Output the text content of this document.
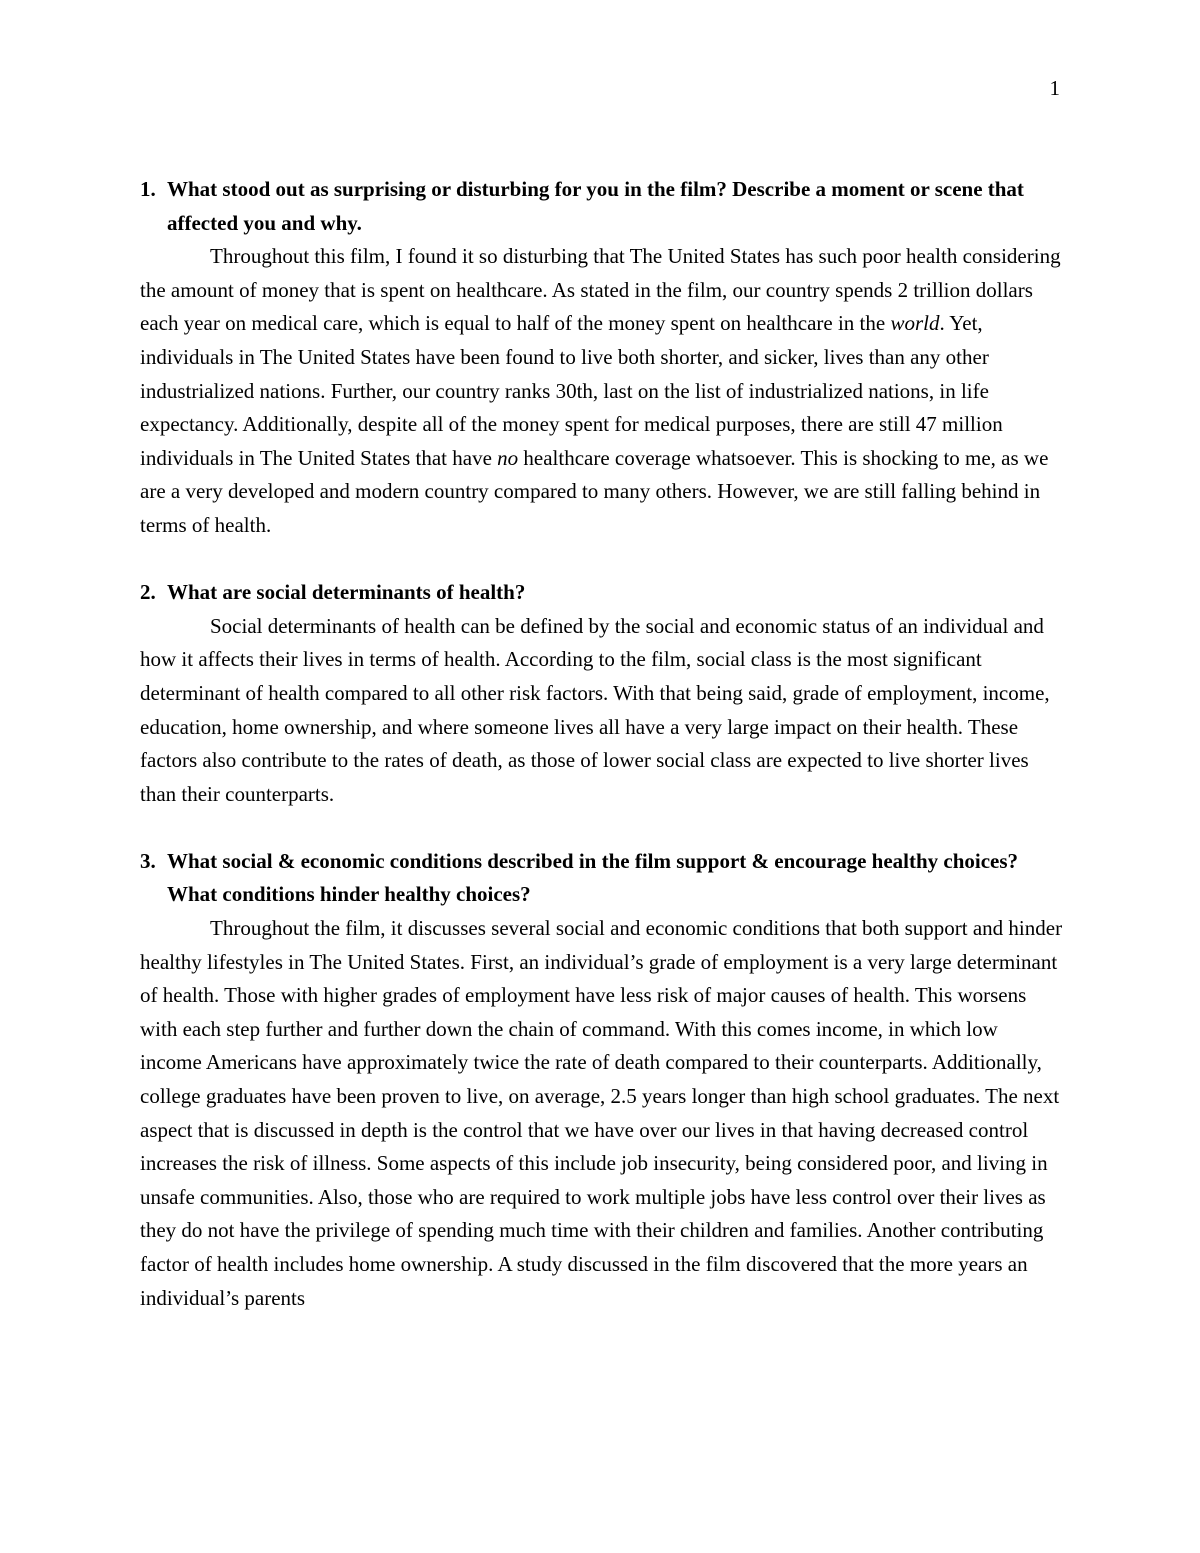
1
1. What stood out as surprising or disturbing for you in the film? Describe a moment or scene that affected you and why.

Throughout this film, I found it so disturbing that The United States has such poor health considering the amount of money that is spent on healthcare. As stated in the film, our country spends 2 trillion dollars each year on medical care, which is equal to half of the money spent on healthcare in the world. Yet, individuals in The United States have been found to live both shorter, and sicker, lives than any other industrialized nations. Further, our country ranks 30th, last on the list of industrialized nations, in life expectancy. Additionally, despite all of the money spent for medical purposes, there are still 47 million individuals in The United States that have no healthcare coverage whatsoever. This is shocking to me, as we are a very developed and modern country compared to many others. However, we are still falling behind in terms of health.

2. What are social determinants of health?

Social determinants of health can be defined by the social and economic status of an individual and how it affects their lives in terms of health. According to the film, social class is the most significant determinant of health compared to all other risk factors. With that being said, grade of employment, income, education, home ownership, and where someone lives all have a very large impact on their health. These factors also contribute to the rates of death, as those of lower social class are expected to live shorter lives than their counterparts.

3. What social & economic conditions described in the film support & encourage healthy choices? What conditions hinder healthy choices?

Throughout the film, it discusses several social and economic conditions that both support and hinder healthy lifestyles in The United States. First, an individual’s grade of employment is a very large determinant of health. Those with higher grades of employment have less risk of major causes of health. This worsens with each step further and further down the chain of command. With this comes income, in which low income Americans have approximately twice the rate of death compared to their counterparts. Additionally, college graduates have been proven to live, on average, 2.5 years longer than high school graduates. The next aspect that is discussed in depth is the control that we have over our lives in that having decreased control increases the risk of illness. Some aspects of this include job insecurity, being considered poor, and living in unsafe communities. Also, those who are required to work multiple jobs have less control over their lives as they do not have the privilege of spending much time with their children and families. Another contributing factor of health includes home ownership. A study discussed in the film discovered that the more years an individual’s parents
